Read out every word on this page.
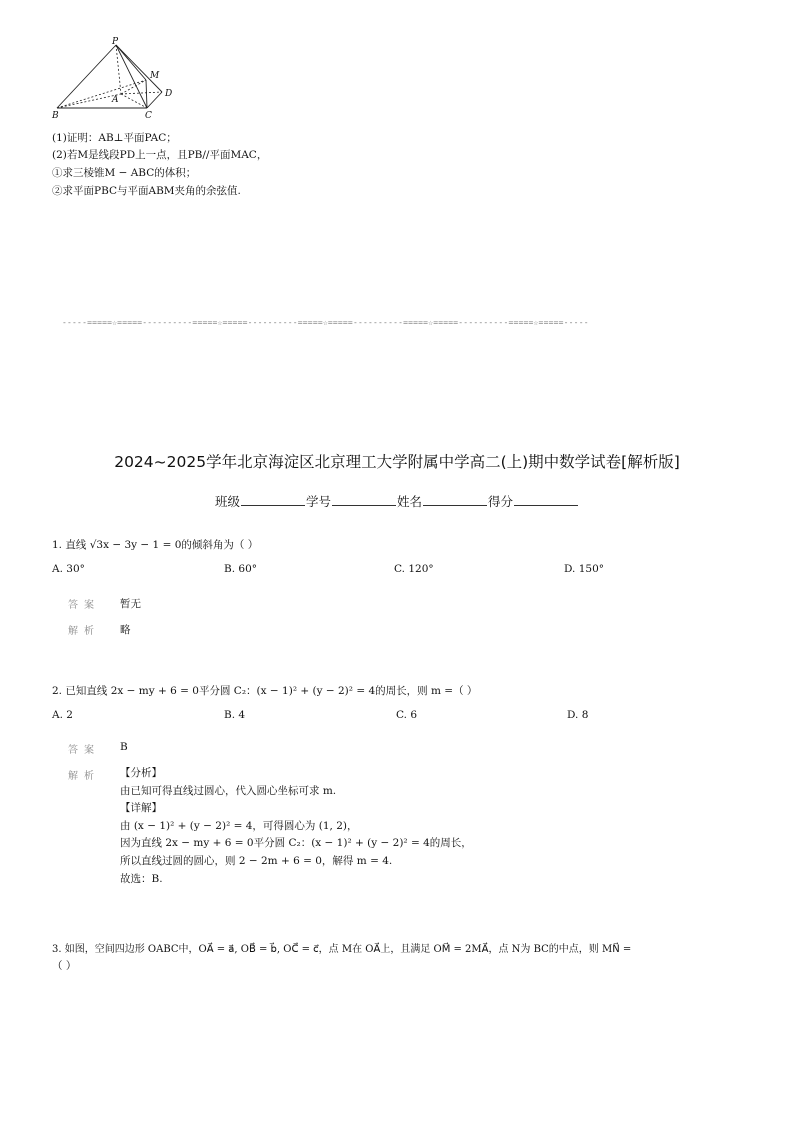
P
M
A
D
B	C
(1)证明：AB⊥平面PAC；
(2)若M是线段PD上一点，且PB//平面MAC，
①求三棱锥M − ABC的体积；
②求平面PBC与平面ABM夹角的余弦值.
-----=====☆=====----------=====☆=====----------=====☆=====----------=====☆=====----------=====☆=====-----
2024~2025学年北京海淀区北京理工大学附属中学高二(上)期中数学试卷[解析版]
班级	学号	姓名	得分
1. 直线 √3x − 3y − 1 = 0的倾斜角为（ ）
A. 30°	B. 60°	C. 120°	D. 150°
答案 暂无
解析 略
2. 已知直线 2x − my + 6 = 0平分圆 C₂：(x − 1)² + (y − 2)² = 4的周长，则 m =（ ）
A. 2	B. 4	C. 6	D. 8
答案 B
解析 【分析】
由已知可得直线过圆心，代入圆心坐标可求 m.
【详解】
由 (x − 1)² + (y − 2)² = 4，可得圆心为 (1, 2)，
因为直线 2x − my + 6 = 0平分圆 C₂：(x − 1)² + (y − 2)² = 4的周长，
所以直线过圆的圆心，则 2 − 2m + 6 = 0，解得 m = 4.
故选：B.
3. 如图，空间四边形 OABC中，OA⃗ = a⃗, OB⃗ = b⃗, OC⃗ = c⃗，点 M在 OA⃗上，且满足 OM⃗ = 2MA⃗，点 N为 BC的中点，则 MN⃗ =
（ ）
